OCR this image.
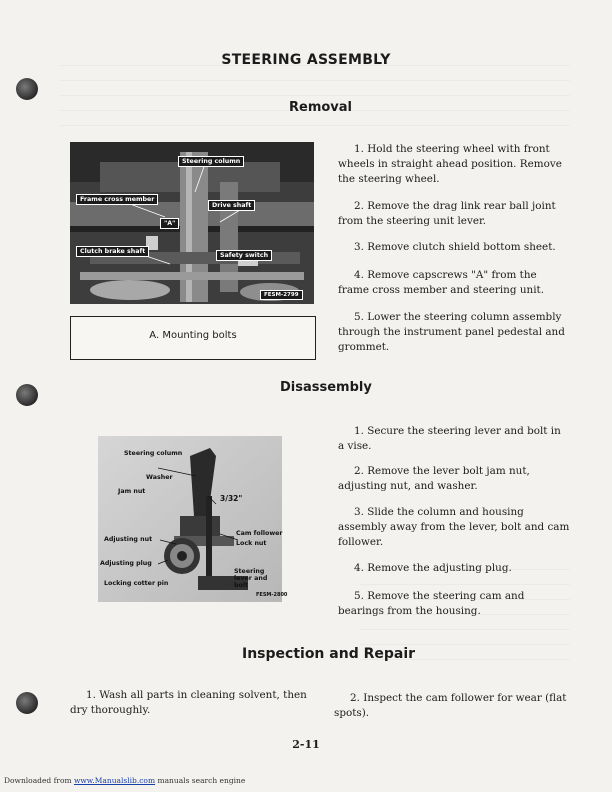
STEERING ASSEMBLY
Removal
Steering column
Frame cross member
Drive shaft
"A"
Clutch brake shaft
Safety switch
FESM-2799
A. Mounting bolts
1. Hold the steering wheel with front wheels in straight ahead position. Remove the steering wheel.
2. Remove the drag link rear ball joint from the steering unit lever.
3. Remove clutch shield bottom sheet.
4. Remove capscrews "A" from the frame cross member and steering unit.
5. Lower the steering column assembly through the instrument panel pedestal and grommet.
Disassembly
Steering column
Washer
Jam nut
3/32"
Adjusting nut
Cam follower
Lock nut
Adjusting plug
Steering lever and bolt
Locking cotter pin
FESM-2800
1. Secure the steering lever and bolt in a vise.
2. Remove the lever bolt jam nut, adjusting nut, and washer.
3. Slide the column and housing assembly away from the lever, bolt and cam follower.
4. Remove the adjusting plug.
5. Remove the steering cam and bearings from the housing.
Inspection and Repair
1. Wash all parts in cleaning solvent, then dry thoroughly.
2. Inspect the cam follower for wear (flat spots).
2-11
Downloaded from www.Manualslib.com manuals search engine
